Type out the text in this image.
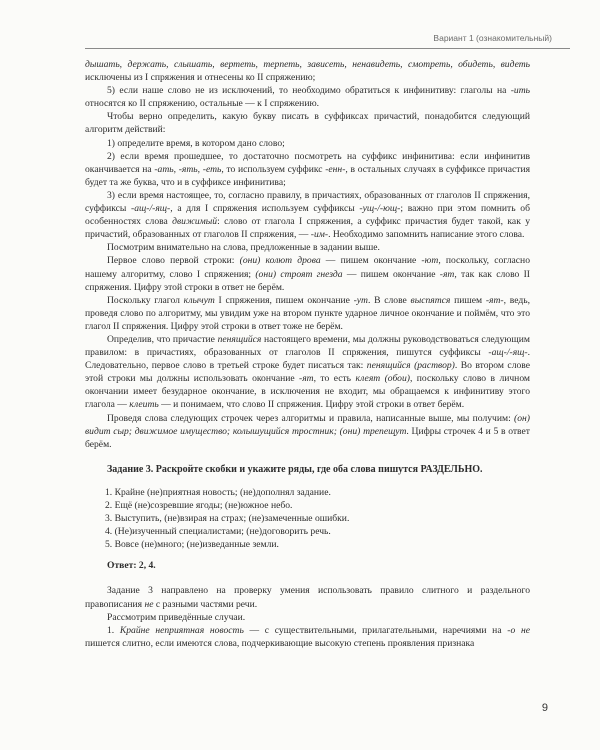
Вариант 1 (ознакомительный)

дышать, держать, слышать, вертеть, терпеть, зависеть, ненавидеть, смотреть, обидеть, видеть исключены из I спряжения и отнесены ко II спряжению;

5) если наше слово не из исключений, то необходимо обратиться к инфинитиву: глаголы на -ить относятся ко II спряжению, остальные — к I спряжению.

Чтобы верно определить, какую букву писать в суффиксах причастий, понадобится следующий алгоритм действий:

1) определите время, в котором дано слово;

2) если время прошедшее, то достаточно посмотреть на суффикс инфинитива: если инфинитив оканчивается на -ать, -ять, -еть, то используем суффикс -енн-, в остальных случаях в суффиксе причастия будет та же буква, что и в суффиксе инфинитива;

3) если время настоящее, то, согласно правилу, в причастиях, образованных от глаголов II спряжения, суффиксы -ащ-/-ящ-, а для I спряжения используем суффиксы -ущ-/-ющ-; важно при этом помнить об особенностях слова движимый: слово от глагола I спряжения, а суффикс причастия будет такой, как у причастий, образованных от глаголов II спряжения, — -им-. Необходимо запомнить написание этого слова.

Посмотрим внимательно на слова, предложенные в задании выше.

Первое слово первой строки: (они) колют дрова — пишем окончание -ют, поскольку, согласно нашему алгоритму, слово I спряжения; (они) строят гнезда — пишем окончание -ят, так как слово II спряжения. Цифру этой строки в ответ не берём.

Поскольку глагол клычут I спряжения, пишем окончание -ут. В слове выспятся пишем -ят-, ведь, проведя слово по алгоритму, мы увидим уже на втором пункте ударное личное окончание и поймём, что это глагол II спряжения. Цифру этой строки в ответ тоже не берём.

Определив, что причастие пенящийся настоящего времени, мы должны руководствоваться следующим правилом: в причастиях, образованных от глаголов II спряжения, пишутся суффиксы -ащ-/-ящ-. Следовательно, первое слово в третьей строке будет писаться так: пенящийся (раствор). Во втором слове этой строки мы должны использовать окончание -ят, то есть клеят (обои), поскольку слово в личном окончании имеет безударное окончание, в исключения не входит, мы обращаемся к инфинитиву этого глагола — клеить — и понимаем, что слово II спряжения. Цифру этой строки в ответ берём.

Проведя слова следующих строчек через алгоритмы и правила, написанные выше, мы получим: (он) видит сыр; движимое имущество; колышущийся тростник; (они) трепещут. Цифры строчек 4 и 5 в ответ берём.

Задание 3. Раскройте скобки и укажите ряды, где оба слова пишутся РАЗДЕЛЬНО.

1. Крайне (не)приятная новость; (не)дополнял задание.
2. Ещё (не)созревшие ягоды; (не)южное небо.
3. Выступить, (не)взирая на страх; (не)замеченные ошибки.
4. (Не)изученный специалистами; (не)договорить речь.
5. Вовсе (не)много; (не)изведанные земли.

Ответ: 2, 4.

Задание 3 направлено на проверку умения использовать правило слитного и раздельного правописания не с разными частями речи.

Рассмотрим приведённые случаи.

1. Крайне неприятная новость — с существительными, прилагательными, наречиями на -о не пишется слитно, если имеются слова, подчеркивающие высокую степень проявления признака

9
